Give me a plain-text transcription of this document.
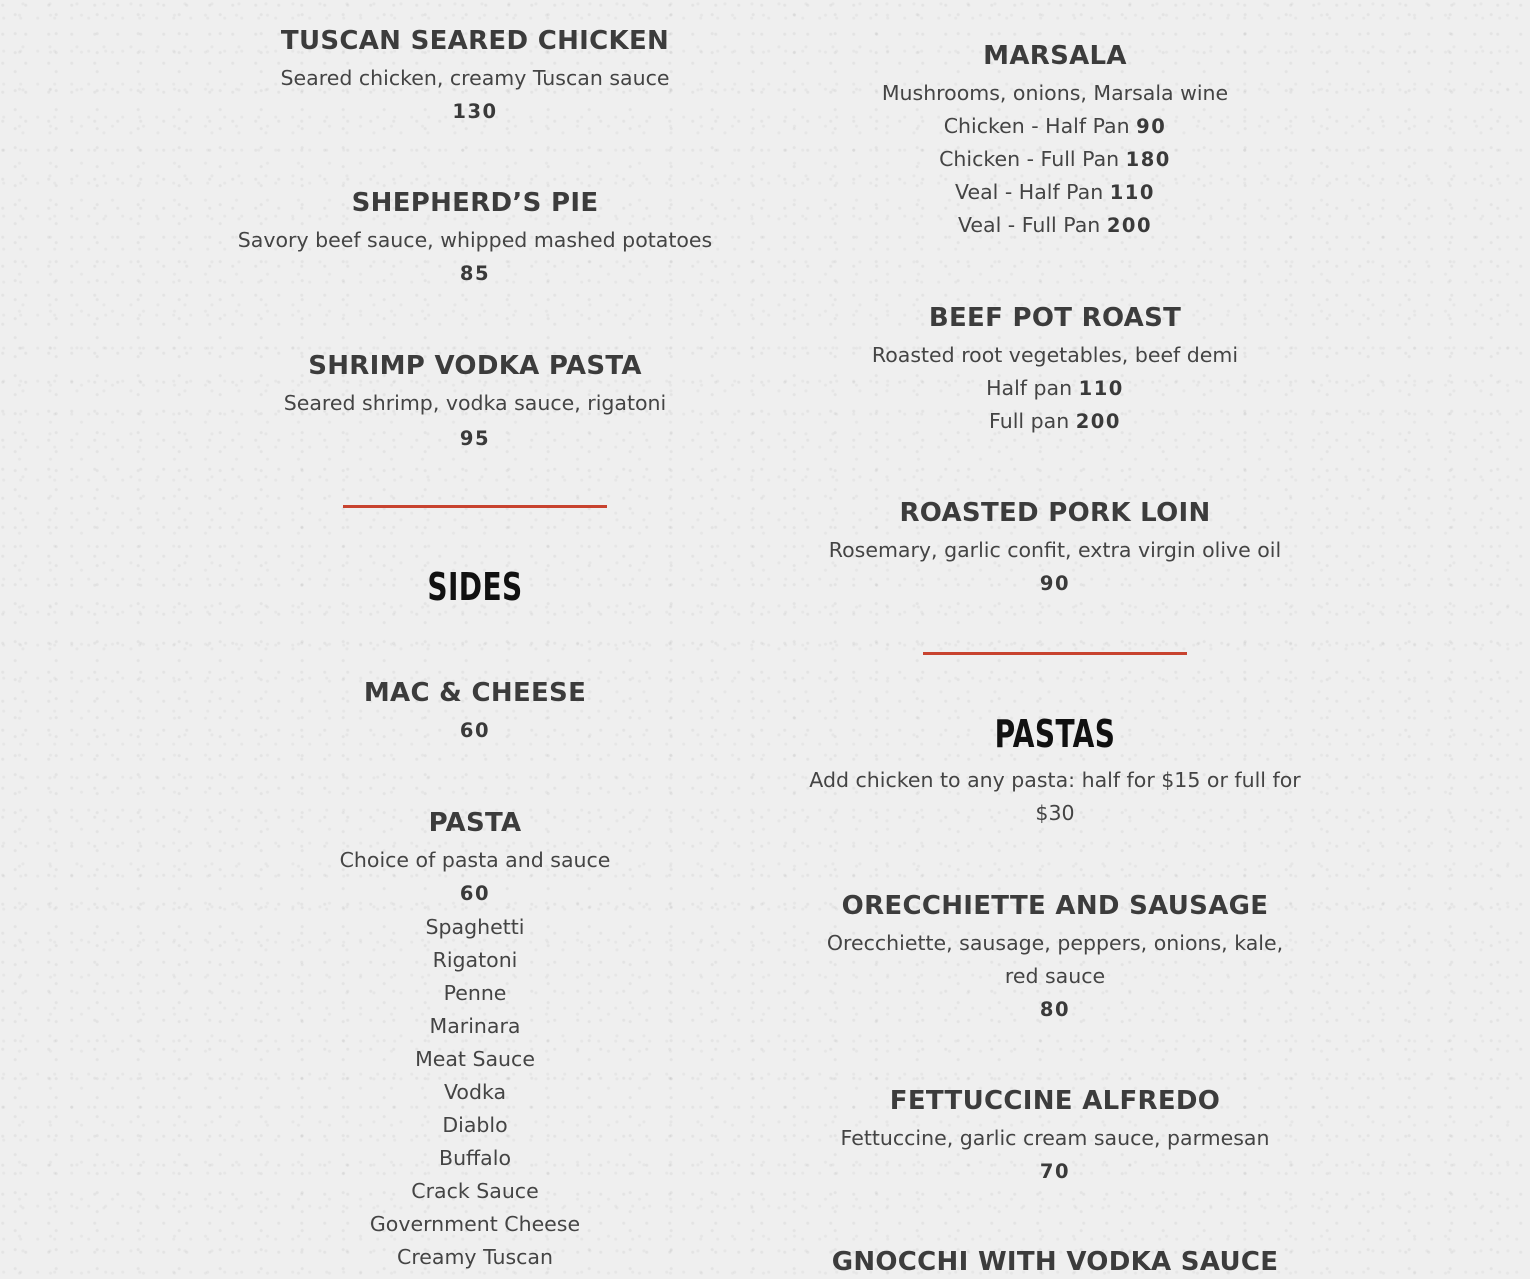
TUSCAN SEARED CHICKEN
Seared chicken, creamy Tuscan sauce
130
SHEPHERD’S PIE
Savory beef sauce, whipped mashed potatoes
85
SHRIMP VODKA PASTA
Seared shrimp, vodka sauce, rigatoni
95
SIDES
MAC & CHEESE
60
PASTA
Choice of pasta and sauce
60
Spaghetti
Rigatoni
Penne
Marinara
Meat Sauce
Vodka
Diablo
Buffalo
Crack Sauce
Government Cheese
Creamy Tuscan
MARSALA
Mushrooms, onions, Marsala wine
Chicken - Half Pan 90
Chicken - Full Pan 180
Veal - Half Pan 110
Veal - Full Pan 200
BEEF POT ROAST
Roasted root vegetables, beef demi
Half pan 110
Full pan 200
ROASTED PORK LOIN
Rosemary, garlic confit, extra virgin olive oil
90
PASTAS
Add chicken to any pasta: half for $15 or full for $30
ORECCHIETTE AND SAUSAGE
Orecchiette, sausage, peppers, onions, kale, red sauce
80
FETTUCCINE ALFREDO
Fettuccine, garlic cream sauce, parmesan
70
GNOCCHI WITH VODKA SAUCE
